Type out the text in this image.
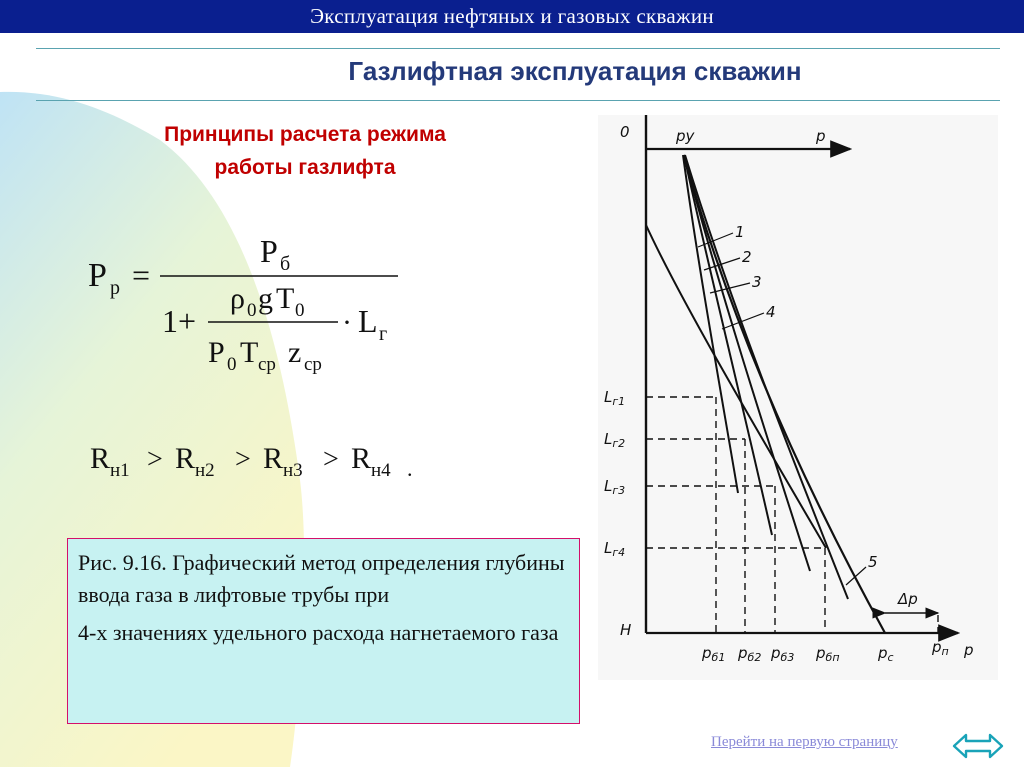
Эксплуатация нефтяных и газовых скважин
Газлифтная эксплуатация скважин
Принципы расчета режима
работы газлифта
P р =
P б
1+
ρ 0 g T 0
P 0 T ср z ср
· L г
R н1 > R н2 > R н3 > R н4 .

Рис. 9.16. Графический метод определения глубины ввода газа в лифтовые трубы при

4-х значениях удельного расхода нагнетаемого газа

0	p
pу
H
p
1
2
3
4
5
$L_{г1}$
$L_{г2}$
$L_{г3}$
$L_{г4}$
$p_{б1}$ $p_{б2}$ $p_{б3}$ $p_{бп}$	$p_с$
$p_п$
Δp
Перейти на первую страницу
